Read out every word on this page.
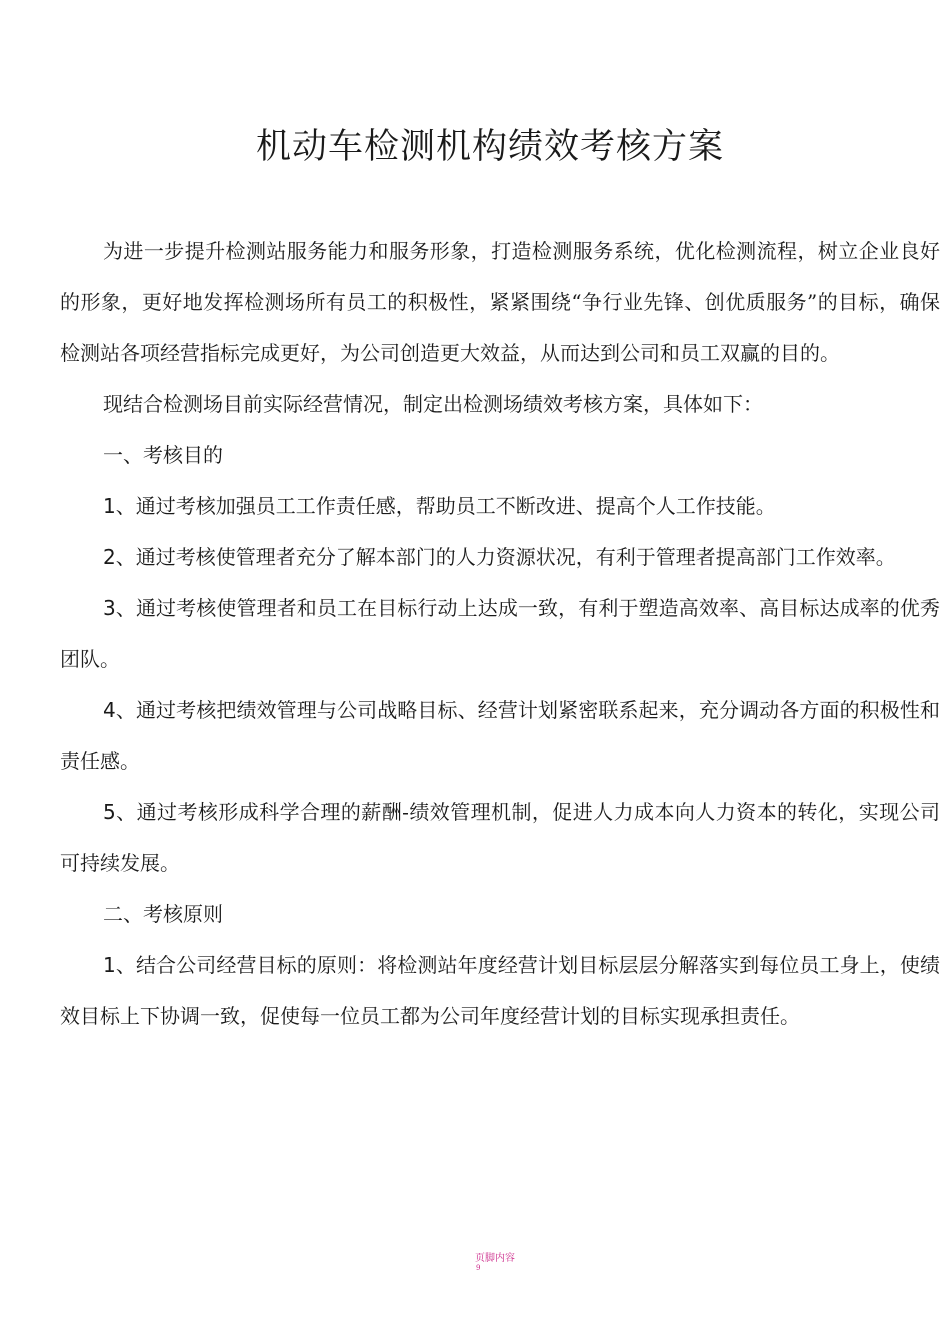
机动车检测机构绩效考核方案

为进一步提升检测站服务能力和服务形象，打造检测服务系统，优化检测流程，树立企业良好的形象，更好地发挥检测场所有员工的积极性，紧紧围绕“争行业先锋、创优质服务”的目标，确保检测站各项经营指标完成更好，为公司创造更大效益，从而达到公司和员工双赢的目的。

现结合检测场目前实际经营情况，制定出检测场绩效考核方案，具体如下：

一、考核目的

1、通过考核加强员工工作责任感，帮助员工不断改进、提高个人工作技能。

2、通过考核使管理者充分了解本部门的人力资源状况，有利于管理者提高部门工作效率。

3、通过考核使管理者和员工在目标行动上达成一致，有利于塑造高效率、高目标达成率的优秀团队。

4、通过考核把绩效管理与公司战略目标、经营计划紧密联系起来，充分调动各方面的积极性和责任感。

5、通过考核形成科学合理的薪酬-绩效管理机制，促进人力成本向人力资本的转化，实现公司可持续发展。

二、考核原则

1、结合公司经营目标的原则：将检测站年度经营计划目标层层分解落实到每位员工身上，使绩效目标上下协调一致，促使每一位员工都为公司年度经营计划的目标实现承担责任。

页脚内容
9
